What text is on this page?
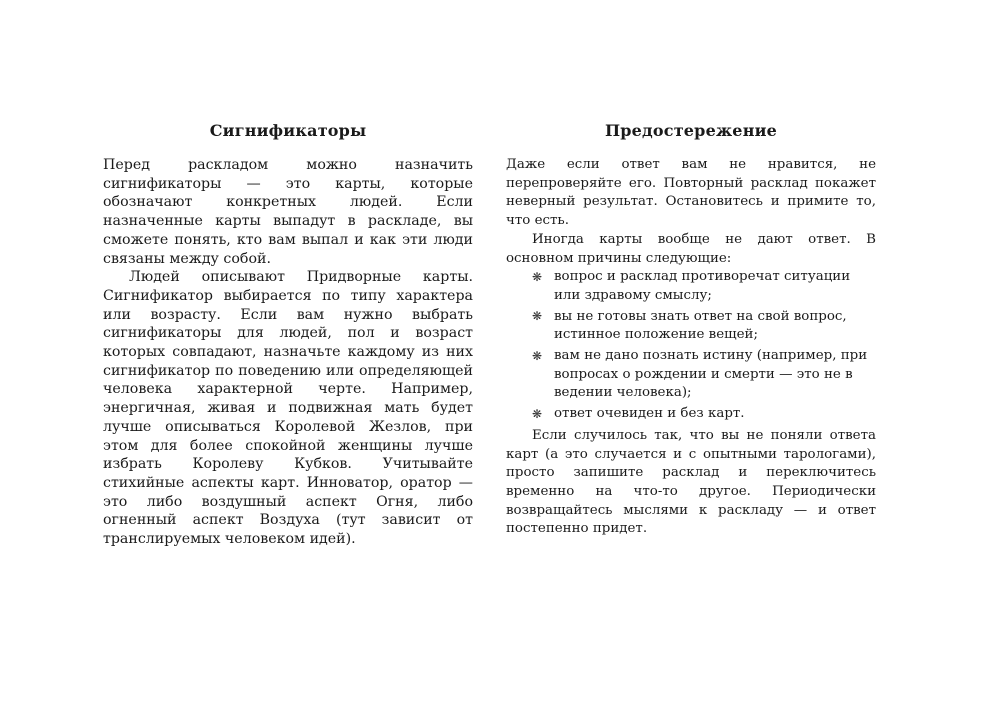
Сигнификаторы

Перед раскладом можно назначить сигнификаторы — это карты, которые обозначают конкретных людей. Если назначенные карты выпадут в раскладе, вы сможете понять, кто вам выпал и как эти люди связаны между собой.

Людей описывают Придворные карты. Сигнификатор выбирается по типу характера или возрасту. Если вам нужно выбрать сигнификаторы для людей, пол и возраст которых совпадают, назначьте каждому из них сигнификатор по поведению или определяющей человека характерной черте. Например, энергичная, живая и подвижная мать будет лучше описываться Королевой Жезлов, при этом для более спокойной женщины лучше избрать Королеву Кубков. Учитывайте стихийные аспекты карт. Инноватор, оратор — это либо воздушный аспект Огня, либо огненный аспект Воздуха (тут зависит от транслируемых человеком идей).

Предостережение

Даже если ответ вам не нравится, не перепроверяйте его. Повторный расклад покажет неверный результат. Остановитесь и примите то, что есть.

Иногда карты вообще не дают ответ. В основном причины следующие:

❋ вопрос и расклад противоречат ситуации или здравому смыслу;
❋ вы не готовы знать ответ на свой вопрос, истинное положение вещей;
❋ вам не дано познать истину (например, при вопросах о рождении и смерти — это не в ведении человека);
❋ ответ очевиден и без карт.

Если случилось так, что вы не поняли ответа карт (а это случается и с опытными тарологами), просто запишите расклад и переключитесь временно на что-то другое. Периодически возвращайтесь мыслями к раскладу — и ответ постепенно придет.
